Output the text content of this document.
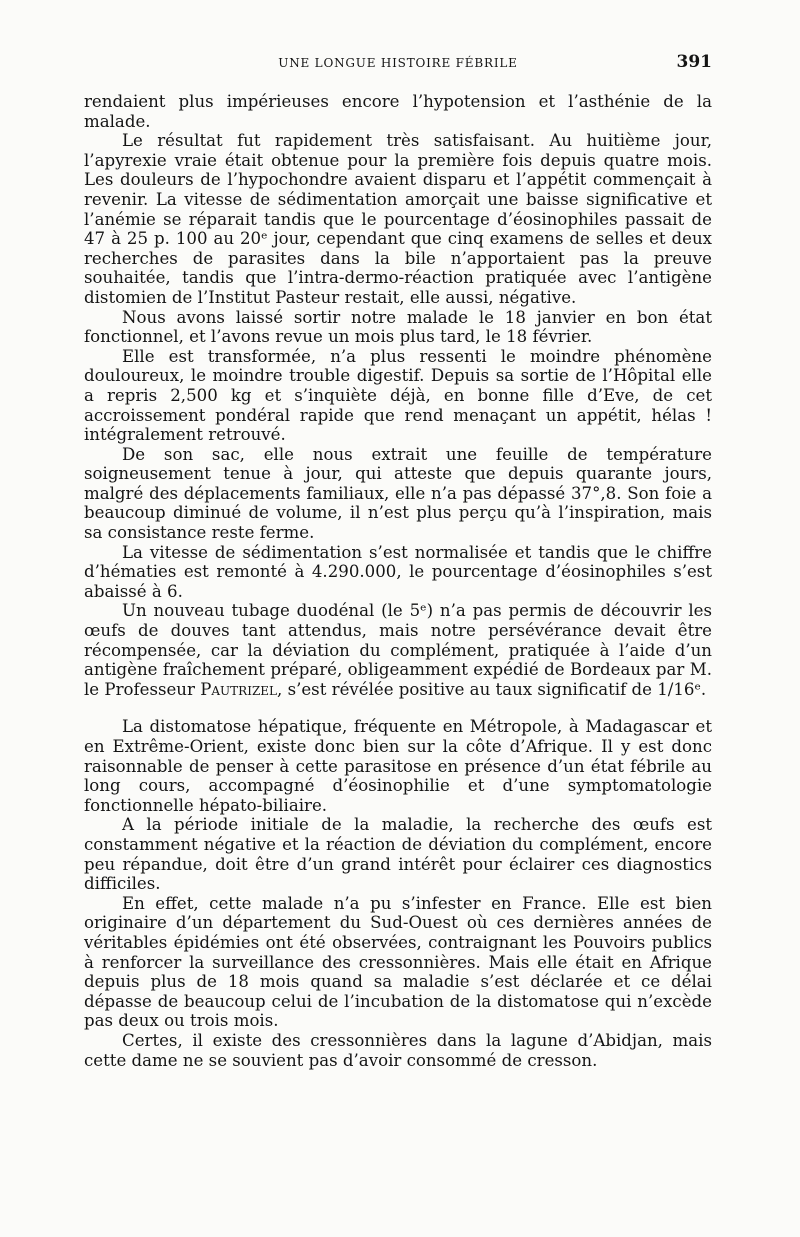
UNE LONGUE HISTOIRE FÉBRILE	391

rendaient plus impérieuses encore l’hypotension et l’asthénie de la malade.

Le résultat fut rapidement très satisfaisant. Au huitième jour, l’apyrexie vraie était obtenue pour la première fois depuis quatre mois. Les douleurs de l’hypochondre avaient disparu et l’appétit commençait à revenir. La vitesse de sédimentation amorçait une baisse significative et l’anémie se réparait tandis que le pourcentage d’éosinophiles passait de 47 à 25 p. 100 au 20ᵉ jour, cependant que cinq examens de selles et deux recherches de parasites dans la bile n’apportaient pas la preuve souhaitée, tandis que l’intra-dermo-réaction pratiquée avec l’antigène distomien de l’Institut Pasteur restait, elle aussi, négative.

Nous avons laissé sortir notre malade le 18 janvier en bon état fonctionnel, et l’avons revue un mois plus tard, le 18 février.

Elle est transformée, n’a plus ressenti le moindre phénomène douloureux, le moindre trouble digestif. Depuis sa sortie de l’Hôpital elle a repris 2,500 kg et s’inquiète déjà, en bonne fille d’Eve, de cet accroissement pondéral rapide que rend menaçant un appétit, hélas ! intégralement retrouvé.

De son sac, elle nous extrait une feuille de température soigneusement tenue à jour, qui atteste que depuis quarante jours, malgré des déplacements familiaux, elle n’a pas dépassé 37°,8. Son foie a beaucoup diminué de volume, il n’est plus perçu qu’à l’inspiration, mais sa consistance reste ferme.

La vitesse de sédimentation s’est normalisée et tandis que le chiffre d’hématies est remonté à 4.290.000, le pourcentage d’éosinophiles s’est abaissé à 6.

Un nouveau tubage duodénal (le 5ᵉ) n’a pas permis de découvrir les œufs de douves tant attendus, mais notre persévérance devait être récompensée, car la déviation du complément, pratiquée à l’aide d’un antigène fraîchement préparé, obligeamment expédié de Bordeaux par M. le Professeur Pautrizel, s’est révélée positive au taux significatif de 1/16ᵉ.

La distomatose hépatique, fréquente en Métropole, à Madagascar et en Extrême-Orient, existe donc bien sur la côte d’Afrique. Il y est donc raisonnable de penser à cette parasitose en présence d’un état fébrile au long cours, accompagné d’éosinophilie et d’une symptomatologie fonctionnelle hépato-biliaire.

A la période initiale de la maladie, la recherche des œufs est constamment négative et la réaction de déviation du complément, encore peu répandue, doit être d’un grand intérêt pour éclairer ces diagnostics difficiles.

En effet, cette malade n’a pu s’infester en France. Elle est bien originaire d’un département du Sud-Ouest où ces dernières années de véritables épidémies ont été observées, contraignant les Pouvoirs publics à renforcer la surveillance des cressonnières. Mais elle était en Afrique depuis plus de 18 mois quand sa maladie s’est déclarée et ce délai dépasse de beaucoup celui de l’incubation de la distomatose qui n’excède pas deux ou trois mois.

Certes, il existe des cressonnières dans la lagune d’Abidjan, mais cette dame ne se souvient pas d’avoir consommé de cresson.
